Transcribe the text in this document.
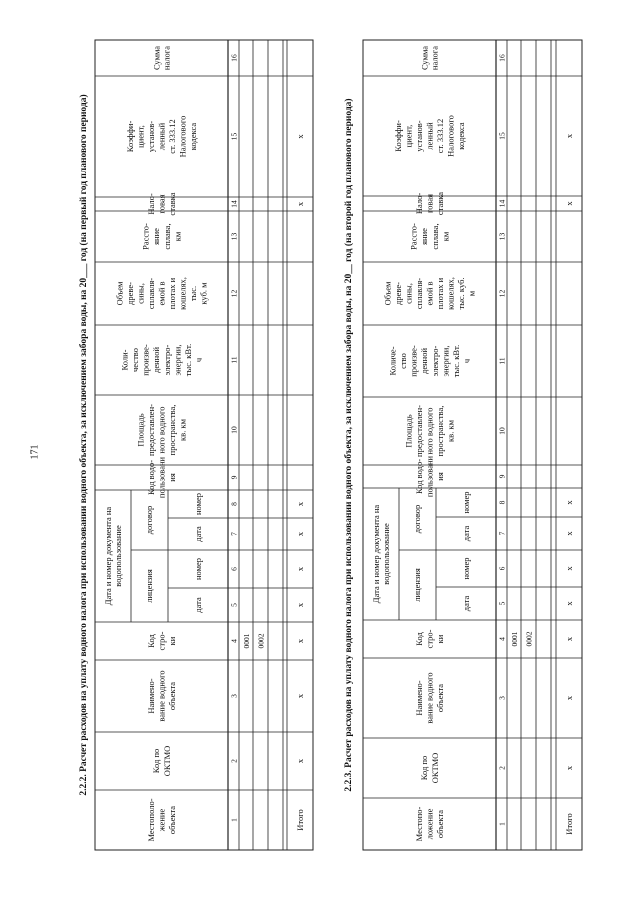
171	2.2.2. Расчет расходов на уплату водного налога при использовании водного объекта, за исключением забора воды, на 20___ год (на первый год планового периода)
Сумманалога
Коэффи-циент,установ-ленныйст. 333.12Налоговогокодекса
Нало-говаяставка
Рассто-яниесплава,км
Объемдреве-сины,сплавля-емой вплотах икошелях,тыс.куб. м
Коли-чествопроизве-деннойэлектро-энергии,тыс. кВт.ч
Площадьпредоставлен-ного водногопространства,кв. км
Код водо-пользованиия
Дата и номер документа наводопользование
договор
лицензия
номер
дата
номер
дата
Кодстро-ки
Наимено-вание водногообъекта
Код поОКТМО
Местополо-жениеобъекта
16
15
14
13
12
11
10
9
8
7
6
5
4
3
2
1
0001 0002
Итого
х
х
х
х
х
х
х
х
х	2.2.3. Расчет расходов на уплату водного налога при использовании водного объекта, за исключением забора воды, на 20__ год (на второй год планового периода)
Сумманалога
Коэффи-циент,установ-ленныйст. 333.12Налоговогокодекса
Нало-говаяставка
Рассто-яниесплава,км
Объемдреве-сины,сплавля-емой вплотах икошелях,тыс. куб.м
Количе-ствопроизве-деннойэлектро-энергии,тыс. кВт.ч
Площадьпредоставлен-ного водногопространства,кв. км
Код водо-пользованиия
Дата и номер документа наводопользование
договор
лицензия
номер
дата
номер
дата
Кодстро-ки
Наимено-вание водногообъекта
Код поОКТМО
Местопо-ложениеобъекта
16
15
14
13
12
11
10
9
8
7
6
5
4
3
2
1
0001 0002
Итого
х
х
х
х
х
х
х
х
х
